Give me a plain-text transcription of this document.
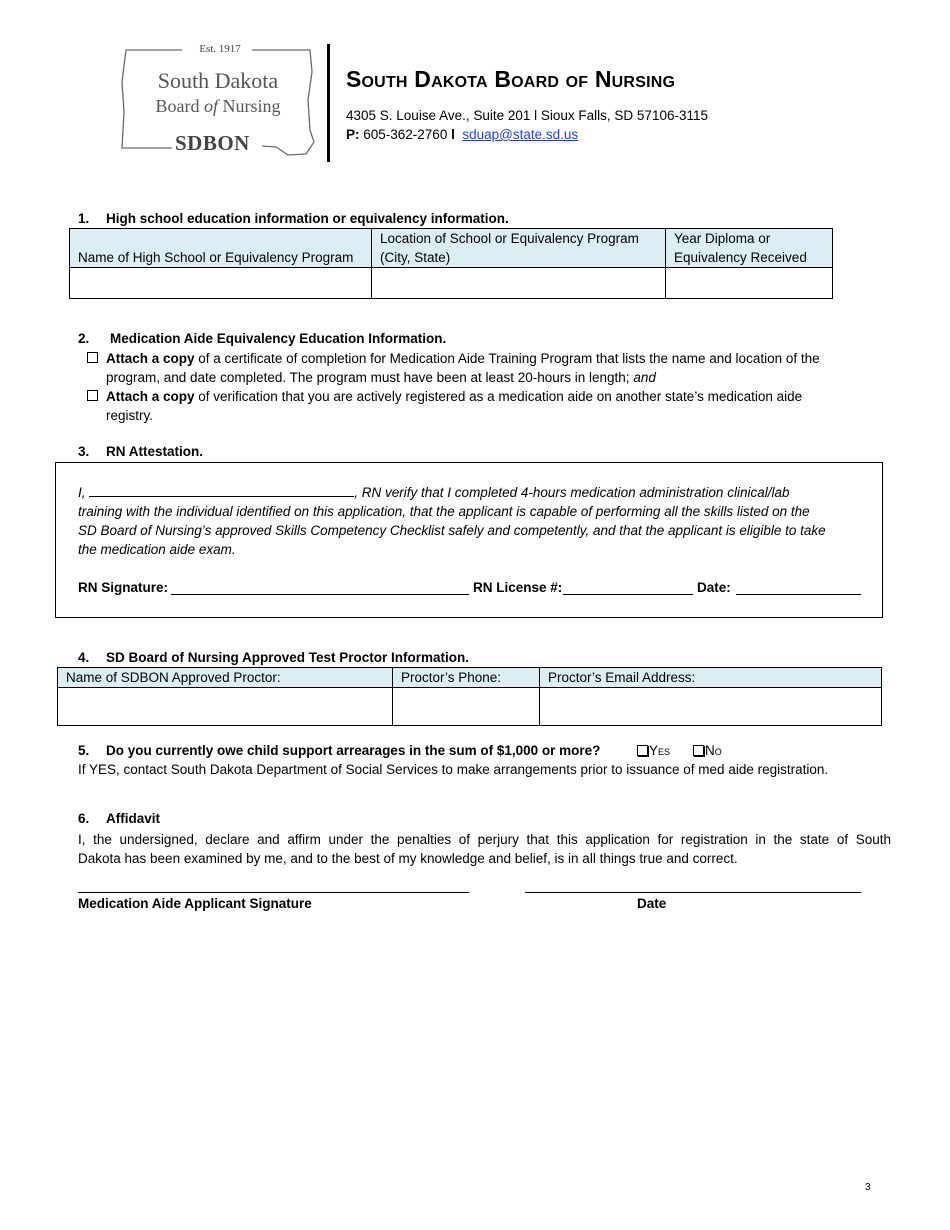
Est. 1917
South Dakota
Board of Nursing
SDBON
South Dakota Board of Nursing
4305 S. Louise Ave., Suite 201 l Sioux Falls, SD 57106-3115
P: 605-362-2760 l sduap@state.sd.us
1. High school education information or equivalency information.
Name of High School or Equivalency Program	Location of School or Equivalency Program (City, State)	Year Diploma or Equivalency Received

2. Medication Aide Equivalency Education Information.
Attach a copy of a certificate of completion for Medication Aide Training Program that lists the name and location of the
program, and date completed. The program must have been at least 20-hours in length; and
Attach a copy of verification that you are actively registered as a medication aide on another state’s medication aide
registry.
3. RN Attestation.
I,	, RN verify that I completed 4-hours medication administration clinical/lab
training with the individual identified on this application, that the applicant is capable of performing all the skills listed on the
SD Board of Nursing’s approved Skills Competency Checklist safely and competently, and that the applicant is eligible to take
the medication aide exam.
RN Signature:	RN License #:	Date:
4. SD Board of Nursing Approved Test Proctor Information.
Name of SDBON Approved Proctor:	Proctor’s Phone:	Proctor’s Email Address:

5. Do you currently owe child support arrearages in the sum of $1,000 or more?	Yes	No
If YES, contact South Dakota Department of Social Services to make arrangements prior to issuance of med aide registration.
6. Affidavit
I, the undersigned, declare and affirm under the penalties of perjury that this application for registration in the state of South
Dakota has been examined by me, and to the best of my knowledge and belief, is in all things true and correct.
Medication Aide Applicant Signature	Date
3
